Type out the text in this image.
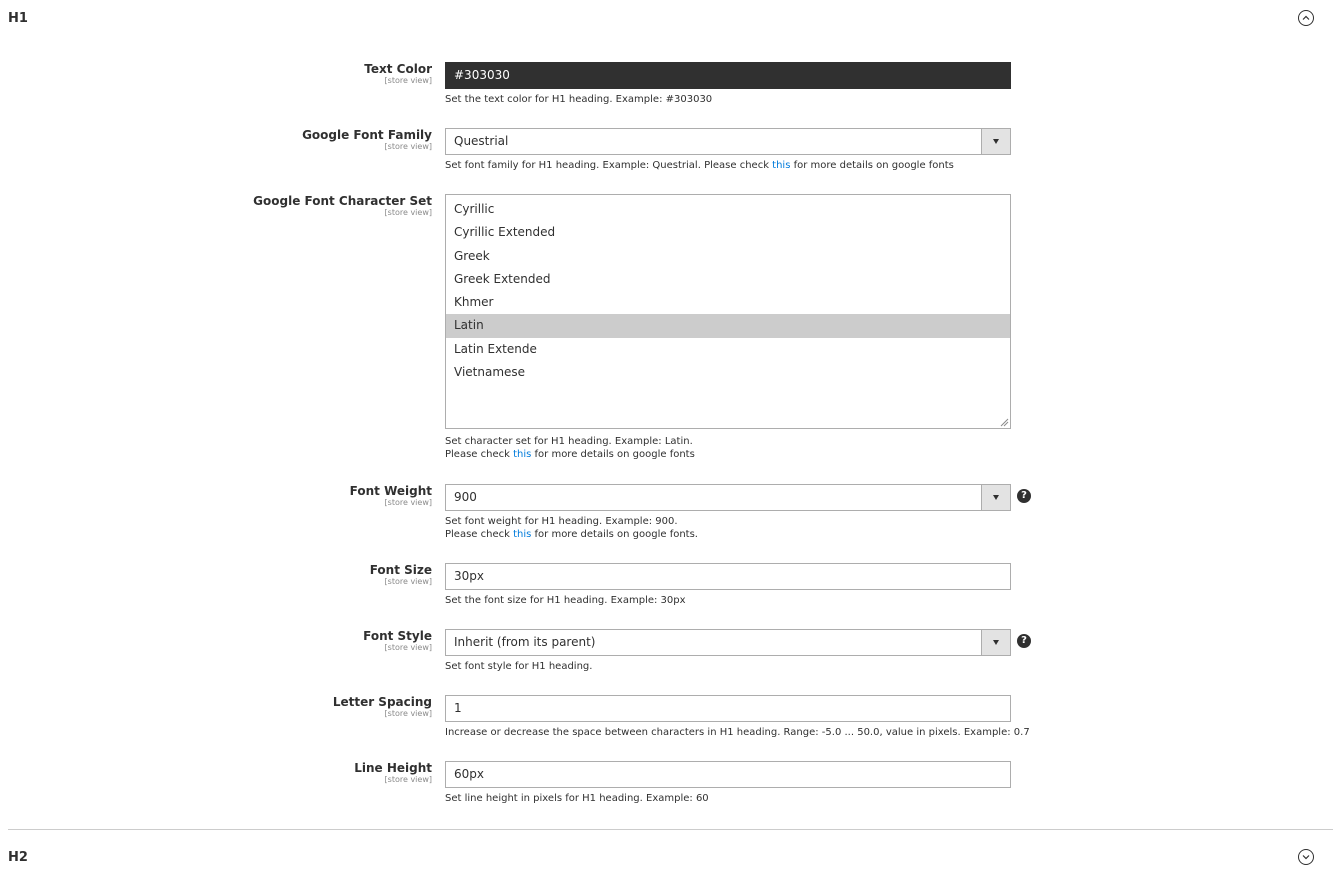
H1
Text Color
[store view]	#303030
Set the text color for H1 heading. Example: #303030
Google Font Family
[store view]	Questrial
Set font family for H1 heading. Example: Questrial. Please check this for more details on google fonts
Google Font Character Set
[store view]	Cyrillic
Cyrillic Extended
Greek
Greek Extended
Khmer
Latin
Latin Extende
Vietnamese
Set character set for H1 heading. Example: Latin.
Please check this for more details on google fonts
Font Weight
[store view]	900	?
Set font weight for H1 heading. Example: 900.
Please check this for more details on google fonts.
Font Size
[store view]	30px
Set the font size for H1 heading. Example: 30px
Font Style
[store view]	Inherit (from its parent)	?
Set font style for H1 heading.
Letter Spacing
[store view]	1
Increase or decrease the space between characters in H1 heading. Range: -5.0 ... 50.0, value in pixels. Example: 0.7
Line Height
[store view]	60px
Set line height in pixels for H1 heading. Example: 60
H2
